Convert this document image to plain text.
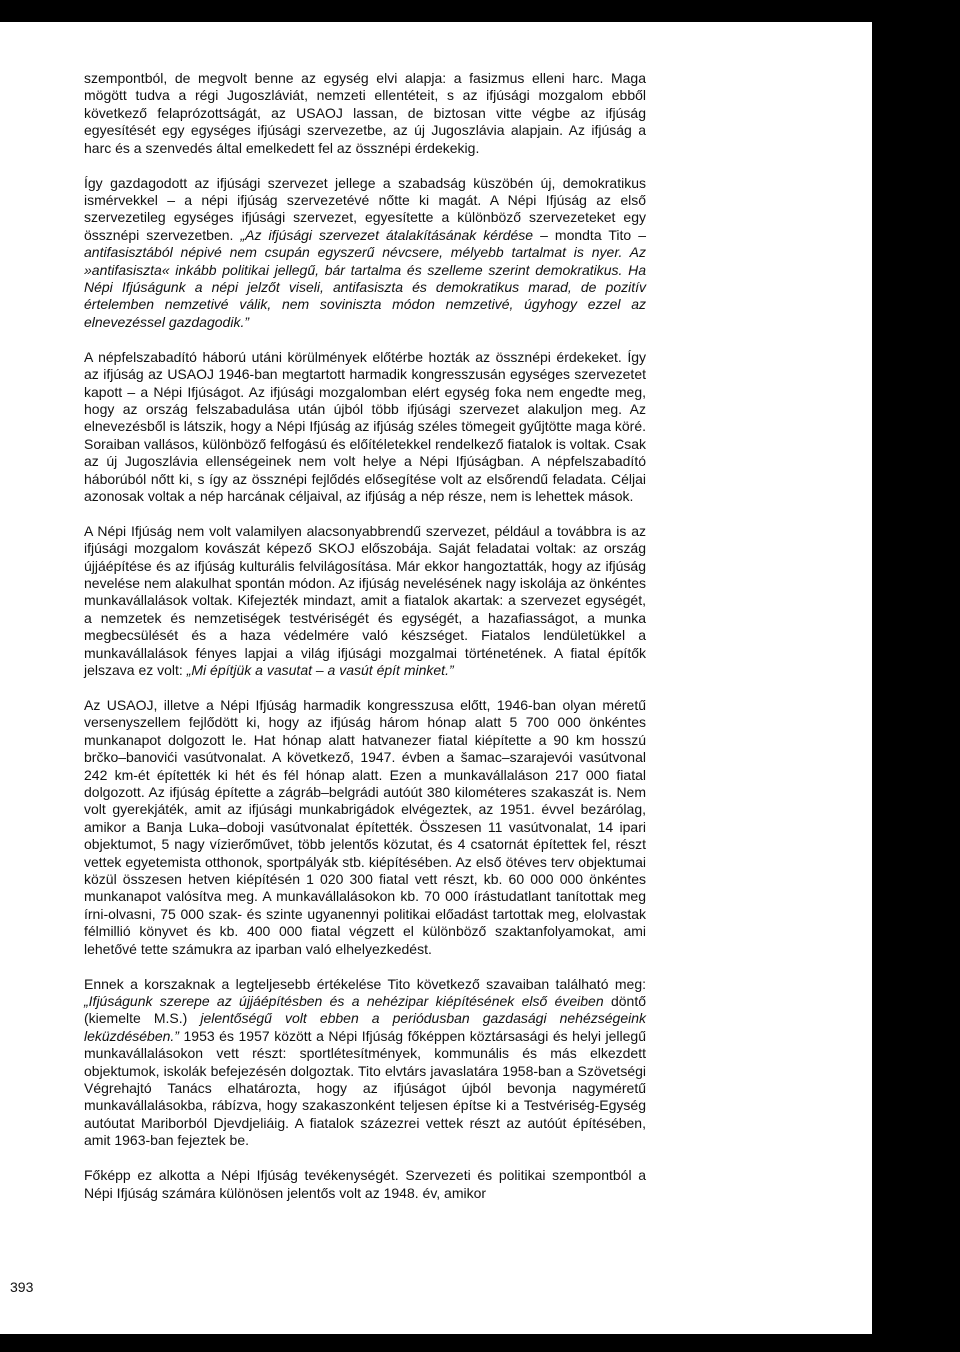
szempontból, de megvolt benne az egység elvi alapja: a fasizmus elleni harc. Maga mögött tudva a régi Jugoszláviát, nemzeti ellentéteit, s az ifjúsági mozgalom ebből következő felaprózottságát, az USAOJ lassan, de biztosan vitte végbe az ifjúság egyesítését egy egységes ifjúsági szervezetbe, az új Jugoszlávia alapjain. Az ifjúság a harc és a szenvedés által emelkedett fel az össznépi érdekekig.

Így gazdagodott az ifjúsági szervezet jellege a szabadság küszöbén új, demokratikus ismérvekkel – a népi ifjúság szervezetévé nőtte ki magát. A Népi Ifjúság az első szervezetileg egységes ifjúsági szervezet, egyesítette a különböző szervezeteket egy össznépi szervezetben. „Az ifjúsági szervezet átalakításának kérdése – mondta Tito – antifasisztából népivé nem csupán egyszerű névcsere, mélyebb tartalmat is nyer. Az »antifasiszta« inkább politikai jellegű, bár tartalma és szelleme szerint demokratikus. Ha Népi Ifjúságunk a népi jelzőt viseli, antifasiszta és demokratikus marad, de pozitív értelemben nemzetivé válik, nem soviniszta módon nemzetivé, úgyhogy ezzel az elnevezéssel gazdagodik.”

A népfelszabadító háború utáni körülmények előtérbe hozták az össznépi érdekeket. Így az ifjúság az USAOJ 1946-ban megtartott harmadik kongresszusán egységes szervezetet kapott – a Népi Ifjúságot. Az ifjúsági mozgalomban elért egység foka nem engedte meg, hogy az ország felszabadulása után újból több ifjúsági szervezet alakuljon meg. Az elnevezésből is látszik, hogy a Népi Ifjúság az ifjúság széles tömegeit gyűjtötte maga köré. Soraiban vallásos, különböző felfogású és előítéletekkel rendelkező fiatalok is voltak. Csak az új Jugoszlávia ellenségeinek nem volt helye a Népi Ifjúságban. A népfelszabadító háborúból nőtt ki, s így az össznépi fejlődés elősegítése volt az elsőrendű feladata. Céljai azonosak voltak a nép harcának céljaival, az ifjúság a nép része, nem is lehettek mások.

A Népi Ifjúság nem volt valamilyen alacsonyabbrendű szervezet, például a továbbra is az ifjúsági mozgalom kovászát képező SKOJ előszobája. Saját feladatai voltak: az ország újjáépítése és az ifjúság kulturális felvilágosítása. Már ekkor hangoztatták, hogy az ifjúság nevelése nem alakulhat spontán módon. Az ifjúság nevelésének nagy iskolája az önkéntes munkavállalások voltak. Kifejezték mindazt, amit a fiatalok akartak: a szervezet egységét, a nemzetek és nemzetiségek testvériségét és egységét, a hazafiasságot, a munka megbecsülését és a haza védelmére való készséget. Fiatalos lendületükkel a munkavállalások fényes lapjai a világ ifjúsági mozgalmai történetének. A fiatal építők jelszava ez volt: „Mi építjük a vasutat – a vasút épít minket.”

Az USAOJ, illetve a Népi Ifjúság harmadik kongresszusa előtt, 1946-ban olyan méretű versenyszellem fejlődött ki, hogy az ifjúság három hónap alatt 5 700 000 önkéntes munkanapot dolgozott le. Hat hónap alatt hatvanezer fiatal kiépítette a 90 km hosszú brčko–banovići vasútvonalat. A következő, 1947. évben a šamac–szarajevói vasútvonal 242 km-ét építették ki hét és fél hónap alatt. Ezen a munkavállaláson 217 000 fiatal dolgozott. Az ifjúság építette a zágráb–belgrádi autóút 380 kilométeres szakaszát is. Nem volt gyerekjáték, amit az ifjúsági munkabrigádok elvégeztek, az 1951. évvel bezárólag, amikor a Banja Luka–doboji vasútvonalat építették. Összesen 11 vasútvonalat, 14 ipari objektumot, 5 nagy vízierőművet, több jelentős közutat, és 4 csatornát építettek fel, részt vettek egyetemista otthonok, sportpályák stb. kiépítésében. Az első ötéves terv objektumai közül összesen hetven kiépítésén 1 020 300 fiatal vett részt, kb. 60 000 000 önkéntes munkanapot valósítva meg. A munkavállalásokon kb. 70 000 írástudatlant tanítottak meg írni-olvasni, 75 000 szak- és szinte ugyanennyi politikai előadást tartottak meg, elolvastak félmillió könyvet és kb. 400 000 fiatal végzett el különböző szaktanfolyamokat, ami lehetővé tette számukra az iparban való elhelyezkedést.

Ennek a korszaknak a legteljesebb értékelése Tito következő szavaiban található meg: „Ifjúságunk szerepe az újjáépítésben és a nehézipar kiépítésének első éveiben döntő (kiemelte M.S.) jelentőségű volt ebben a periódusban gazdasági nehézségeink leküzdésében.” 1953 és 1957 között a Népi Ifjúság főképpen köztársasági és helyi jellegű munkavállalásokon vett részt: sportlétesítmények, kommunális és más elkezdett objektumok, iskolák befejezésén dolgoztak. Tito elvtárs javaslatára 1958-ban a Szövetségi Végrehajtó Tanács elhatározta, hogy az ifjúságot újból bevonja nagyméretű munkavállalásokba, rábízva, hogy szakaszonként teljesen építse ki a Testvériség-Egység autóutat Mariborból Djevdjeliáig. A fiatalok százezrei vettek részt az autóút építésében, amit 1963-ban fejeztek be.

Főképp ez alkotta a Népi Ifjúság tevékenységét. Szervezeti és politikai szempontból a Népi Ifjúság számára különösen jelentős volt az 1948. év, amikor

393
